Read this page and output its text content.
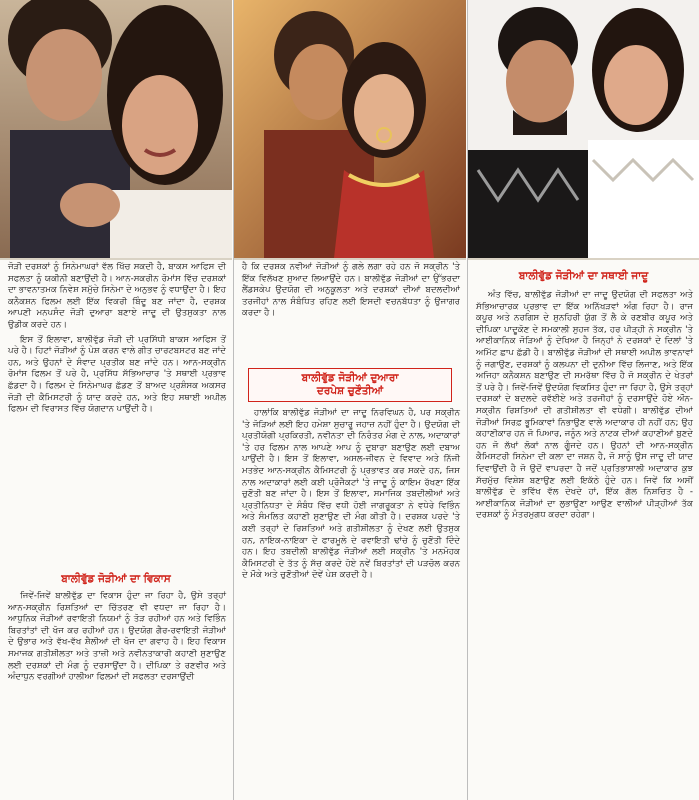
ਜੋੜੀ ਦਰਸ਼ਕਾਂ ਨੂੰ ਸਿਨੇਮਾਘਰਾਂ ਵੱਲ ਖਿੱਚ ਸਕਦੀ ਹੈ, ਬਾਕਸ ਆਫਿਸ ਦੀ ਸਫਲਤਾ ਨੂੰ ਯਕੀਨੀ ਬਣਾਉਂਦੀ ਹੈ। ਆਨ-ਸਕਰੀਨ ਰੋਮਾਂਸ ਵਿੱਚ ਦਰਸ਼ਕਾਂ ਦਾ ਭਾਵਨਾਤਮਕ ਨਿਵੇਸ਼ ਸਮੁੱਚੇ ਸਿਨੇਮਾ ਦੇ ਅਨੁਭਵ ਨੂੰ ਵਧਾਉਂਦਾ ਹੈ। ਇਹ ਕਨੈਕਸ਼ਨ ਫਿਲਮ ਲਈ ਇੱਕ ਵਿਕਰੀ ਬਿੰਦੂ ਬਣ ਜਾਂਦਾ ਹੈ, ਦਰਸ਼ਕ ਆਪਣੀ ਮਨਪਸੰਦ ਜੋੜੀ ਦੁਆਰਾ ਬਣਾਏ ਜਾਦੂ ਦੀ ਉਤਸੁਕਤਾ ਨਾਲ ਉਡੀਕ ਕਰਦੇ ਹਨ।

ਇਸ ਤੋਂ ਇਲਾਵਾ, ਬਾਲੀਵੁੱਡ ਜੋੜੀ ਦੀ ਪ੍ਰਸਿੱਧੀ ਬਾਕਸ ਆਫਿਸ ਤੋਂ ਪਰੇ ਹੈ। ਹਿਟਾਂ ਜੋੜੀਆਂ ਨੂੰ ਪੇਸ਼ ਕਰਨ ਵਾਲੇ ਗੀਤ ਚਾਰਟਬਸਟਰ ਬਣ ਜਾਂਦੇ ਹਨ, ਅਤੇ ਉਹਨਾਂ ਦੇ ਸੰਵਾਦ ਪ੍ਰਤੀਕ ਬਣ ਜਾਂਦੇ ਹਨ। ਆਨ-ਸਕ੍ਰੀਨ ਰੋਮਾਂਸ ਫਿਲਮ ਤੋਂ ਪਰੇ ਹੈ, ਪ੍ਰਸਿੱਧ ਸੱਭਿਆਚਾਰ 'ਤੇ ਸਥਾਈ ਪ੍ਰਭਾਵ ਛੱਡਦਾ ਹੈ। ਫਿਲਮ ਦੇ ਸਿਨੇਮਾਘਰ ਛੱਡਣ ਤੋਂ ਬਾਅਦ ਪ੍ਰਸ਼ੰਸਕ ਅਕਸਰ ਜੋੜੀ ਦੀ ਕੈਮਿਸਟਰੀ ਨੂੰ ਯਾਦ ਕਰਦੇ ਹਨ, ਅਤੇ ਇਹ ਸਥਾਈ ਅਪੀਲ ਫਿਲਮ ਦੀ ਵਿਰਾਸਤ ਵਿੱਚ ਯੋਗਦਾਨ ਪਾਉਂਦੀ ਹੈ।

ਬਾਲੀਵੁੱਡ ਜੋੜੀਆਂ ਦਾ ਵਿਕਾਸ

ਜਿਵੇਂ-ਜਿਵੇਂ ਬਾਲੀਵੁੱਡ ਦਾ ਵਿਕਾਸ ਹੁੰਦਾ ਜਾ ਰਿਹਾ ਹੈ, ਉਸੇ ਤਰ੍ਹਾਂ ਆਨ-ਸਕ੍ਰੀਨ ਰਿਸ਼ਤਿਆਂ ਦਾ ਚਿੱਤਰਣ ਵੀ ਵਧਦਾ ਜਾ ਰਿਹਾ ਹੈ। ਆਧੁਨਿਕ ਜੋੜੀਆਂ ਰਵਾਇਤੀ ਨਿਯਮਾਂ ਨੂੰ ਤੋੜ ਰਹੀਆਂ ਹਨ ਅਤੇ ਵਿਭਿੰਨ ਬਿਰਤਾਂਤਾਂ ਦੀ ਖੋਜ ਕਰ ਰਹੀਆਂ ਹਨ। ਉਦਯੋਗ ਗੈਰ-ਰਵਾਇਤੀ ਜੋੜੀਆਂ ਦੇ ਉਭਾਰ ਅਤੇ ਵੱਖ-ਵੱਖ ਸ਼ੈਲੀਆਂ ਦੀ ਖੋਜ ਦਾ ਗਵਾਹ ਹੈ। ਇਹ ਵਿਕਾਸ ਸਮਾਜਕ ਗਤੀਸ਼ੀਲਤਾ ਅਤੇ ਤਾਜ਼ੀ ਅਤੇ ਨਵੀਨਤਾਕਾਰੀ ਕਹਾਣੀ ਸੁਣਾਉਣ ਲਈ ਦਰਸ਼ਕਾਂ ਦੀ ਮੰਗ ਨੂੰ ਦਰਸਾਉਂਦਾ ਹੈ। ਦੀਪਿਕਾ ਤੇ ਰਣਵੀਰ ਅਤੇ ਅੰਦਾਧੁਨ ਵਰਗੀਆਂ ਹਾਲੀਆ ਫਿਲਮਾਂ ਦੀ ਸਫਲਤਾ ਦਰਸਾਉਂਦੀ

ਹੈ ਕਿ ਦਰਸ਼ਕ ਨਵੀਆਂ ਜੋੜੀਆਂ ਨੂੰ ਗਲੇ ਲਗਾ ਰਹੇ ਹਨ ਜੋ ਸਕ੍ਰੀਨ 'ਤੇ ਇੱਕ ਵਿਲੱਖਣ ਸੁਆਦ ਲਿਆਉਂਦੇ ਹਨ। ਬਾਲੀਵੁੱਡ ਜੋੜੀਆਂ ਦਾ ਉੱਭਰਦਾ ਲੈਂਡਸਕੇਪ ਉਦਯੋਗ ਦੀ ਅਨੁਕੂਲਤਾ ਅਤੇ ਦਰਸ਼ਕਾਂ ਦੀਆਂ ਬਦਲਦੀਆਂ ਤਰਜੀਹਾਂ ਨਾਲ ਸੰਬੰਧਿਤ ਰਹਿਣ ਲਈ ਇਸਦੀ ਵਚਨਬੱਧਤਾ ਨੂੰ ਉਜਾਗਰ ਕਰਦਾ ਹੈ।

ਬਾਲੀਵੁੱਡ ਜੋੜੀਆਂ ਦੁਆਰਾ
ਦਰਪੇਸ਼ ਚੁਣੌਤੀਆਂ

ਹਾਲਾਂਕਿ ਬਾਲੀਵੁੱਡ ਜੋੜੀਆਂ ਦਾ ਜਾਦੂ ਨਿਰਵਿਘਨ ਹੈ, ਪਰ ਸਕ੍ਰੀਨ 'ਤੇ ਜੋੜਿਆਂ ਲਈ ਇਹ ਹਮੇਸ਼ਾ ਸੁਚਾਰੂ ਜਹਾਜ਼ ਨਹੀਂ ਹੁੰਦਾ ਹੈ। ਉਦਯੋਗ ਦੀ ਪ੍ਰਤੀਯੋਗੀ ਪ੍ਰਕਿਰਤੀ, ਨਵੀਨਤਾ ਦੀ ਨਿਰੰਤਰ ਮੰਗ ਦੇ ਨਾਲ, ਅਦਾਕਾਰਾਂ 'ਤੇ ਹਰ ਫਿਲਮ ਨਾਲ ਆਪਣੇ ਆਪ ਨੂੰ ਦੁਬਾਰਾ ਬਣਾਉਣ ਲਈ ਦਬਾਅ ਪਾਉਂਦੀ ਹੈ। ਇਸ ਤੋਂ ਇਲਾਵਾ, ਅਸਲ-ਜੀਵਨ ਦੇ ਵਿਵਾਦ ਅਤੇ ਨਿੱਜੀ ਮਤਭੇਦ ਆਨ-ਸਕ੍ਰੀਨ ਕੈਮਿਸਟਰੀ ਨੂੰ ਪ੍ਰਭਾਵਤ ਕਰ ਸਕਦੇ ਹਨ, ਜਿਸ ਨਾਲ ਅਦਾਕਾਰਾਂ ਲਈ ਕਈ ਪ੍ਰੋਜੈਕਟਾਂ 'ਤੇ ਜਾਦੂ ਨੂੰ ਕਾਇਮ ਰੱਖਣਾ ਇੱਕ ਚੁਣੌਤੀ ਬਣ ਜਾਂਦਾ ਹੈ। ਇਸ ਤੋਂ ਇਲਾਵਾ, ਸਮਾਜਿਕ ਤਬਦੀਲੀਆਂ ਅਤੇ ਪ੍ਰਤੀਨਿਧਤਾ ਦੇ ਸੰਬੰਧ ਵਿੱਚ ਵਧੀ ਹੋਈ ਜਾਗਰੂਕਤਾ ਨੇ ਵਧੇਰੇ ਵਿਭਿੰਨ ਅਤੇ ਸੰਮਲਿਤ ਕਹਾਣੀ ਸੁਣਾਉਣ ਦੀ ਮੰਗ ਕੀਤੀ ਹੈ। ਦਰਸ਼ਕ ਪਰਦੇ 'ਤੇ ਕਈ ਤਰ੍ਹਾਂ ਦੇ ਰਿਸ਼ਤਿਆਂ ਅਤੇ ਗਤੀਸ਼ੀਲਤਾ ਨੂੰ ਦੇਖਣ ਲਈ ਉਤਸੁਕ ਹਨ, ਨਾਇਕ-ਨਾਇਕਾ ਦੇ ਫਾਰਮੂਲੇ ਦੇ ਰਵਾਇਤੀ ਢਾਂਚੇ ਨੂੰ ਚੁਣੌਤੀ ਦਿੰਦੇ ਹਨ। ਇਹ ਤਬਦੀਲੀ ਬਾਲੀਵੁੱਡ ਜੋੜੀਆਂ ਲਈ ਸਕ੍ਰੀਨ 'ਤੇ ਮਨਮੋਹਕ ਕੈਮਿਸਟਰੀ ਦੇ ਤੱਤ ਨੂੰ ਸੱਚ ਕਰਦੇ ਹੋਏ ਨਵੇਂ ਬਿਰਤਾਂਤਾਂ ਦੀ ਪੜਚੋਲ ਕਰਨ ਦੇ ਮੌਕੇ ਅਤੇ ਚੁਣੌਤੀਆਂ ਦੋਵੇਂ ਪੇਸ਼ ਕਰਦੀ ਹੈ।

ਬਾਲੀਵੁੱਡ ਜੋੜੀਆਂ ਦਾ ਸਥਾਈ ਜਾਦੂ

ਅੰਤ ਵਿੱਚ, ਬਾਲੀਵੁੱਡ ਜੋੜੀਆਂ ਦਾ ਜਾਦੂ ਉਦਯੋਗ ਦੀ ਸਫਲਤਾ ਅਤੇ ਸੱਭਿਆਚਾਰਕ ਪ੍ਰਭਾਵ ਦਾ ਇੱਕ ਅਨਿੱਖੜਵਾਂ ਅੰਗ ਰਿਹਾ ਹੈ। ਰਾਜ ਕਪੂਰ ਅਤੇ ਨਰਗਿਸ ਦੇ ਸੁਨਹਿਰੀ ਯੁੱਗ ਤੋਂ ਲੈ ਕੇ ਰਣਬੀਰ ਕਪੂਰ ਅਤੇ ਦੀਪਿਕਾ ਪਾਦੂਕੋਣ ਦੇ ਸਮਕਾਲੀ ਸੁਹਜ ਤੱਕ, ਹਰ ਪੀੜ੍ਹੀ ਨੇ ਸਕ੍ਰੀਨ 'ਤੇ ਆਈਕਾਨਿਕ ਜੋੜਿਆਂ ਨੂੰ ਦੇਖਿਆ ਹੈ ਜਿਨ੍ਹਾਂ ਨੇ ਦਰਸ਼ਕਾਂ ਦੇ ਦਿਲਾਂ 'ਤੇ ਅਮਿੱਟ ਛਾਪ ਛੱਡੀ ਹੈ। ਬਾਲੀਵੁੱਡ ਜੋੜੀਆਂ ਦੀ ਸਥਾਈ ਅਪੀਲ ਭਾਵਨਾਵਾਂ ਨੂੰ ਜਗਾਉਣ, ਦਰਸ਼ਕਾਂ ਨੂੰ ਕਲਪਨਾ ਦੀ ਦੁਨੀਆ ਵਿੱਚ ਲਿਜਾਣ, ਅਤੇ ਇੱਕ ਅਜਿਹਾ ਕਨੈਕਸ਼ਨ ਬਣਾਉਣ ਦੀ ਸਮਰੱਥਾ ਵਿੱਚ ਹੈ ਜੋ ਸਕ੍ਰੀਨ ਦੇ ਖੇਤਰਾਂ ਤੋਂ ਪਰੇ ਹੈ। ਜਿਵੇਂ-ਜਿਵੇਂ ਉਦਯੋਗ ਵਿਕਸਿਤ ਹੁੰਦਾ ਜਾ ਰਿਹਾ ਹੈ, ਉਸੇ ਤਰ੍ਹਾਂ ਦਰਸ਼ਕਾਂ ਦੇ ਬਦਲਦੇ ਰਵੱਈਏ ਅਤੇ ਤਰਜੀਹਾਂ ਨੂੰ ਦਰਸਾਉਂਦੇ ਹੋਏ ਔਨ-ਸਕ੍ਰੀਨ ਰਿਸ਼ਤਿਆਂ ਦੀ ਗਤੀਸ਼ੀਲਤਾ ਵੀ ਵਧੇਗੀ। ਬਾਲੀਵੁੱਡ ਦੀਆਂ ਜੋੜੀਆਂ ਸਿਰਫ਼ ਭੂਮਿਕਾਵਾਂ ਨਿਭਾਉਣ ਵਾਲੇ ਅਦਾਕਾਰ ਹੀ ਨਹੀਂ ਹਨ; ਉਹ ਕਹਾਣੀਕਾਰ ਹਨ ਜੋ ਪਿਆਰ, ਜਨੂੰਨ ਅਤੇ ਨਾਟਕ ਦੀਆਂ ਕਹਾਣੀਆਂ ਬੁਣਦੇ ਹਨ ਜੋ ਲੱਖਾਂ ਲੋਕਾਂ ਨਾਲ ਗੂੰਜਦੇ ਹਨ। ਉਹਨਾਂ ਦੀ ਆਨ-ਸਕ੍ਰੀਨ ਕੈਮਿਸਟਰੀ ਸਿਨੇਮਾ ਦੀ ਕਲਾ ਦਾ ਜਸ਼ਨ ਹੈ, ਜੋ ਸਾਨੂੰ ਉਸ ਜਾਦੂ ਦੀ ਯਾਦ ਦਿਵਾਉਂਦੀ ਹੈ ਜੋ ਉਦੋਂ ਵਾਪਰਦਾ ਹੈ ਜਦੋਂ ਪ੍ਰਤਿਭਾਸ਼ਾਲੀ ਅਦਾਕਾਰ ਕੁਝ ਸੱਚਮੁੱਚ ਵਿਸ਼ੇਸ਼ ਬਣਾਉਣ ਲਈ ਇਕੱਠੇ ਹੁੰਦੇ ਹਨ। ਜਿਵੇਂ ਕਿ ਅਸੀਂ ਬਾਲੀਵੁੱਡ ਦੇ ਭਵਿੱਖ ਵੱਲ ਦੇਖਦੇ ਹਾਂ, ਇੱਕ ਗੱਲ ਨਿਸ਼ਚਿਤ ਹੈ - ਆਈਕਾਨਿਕ ਜੋੜੀਆਂ ਦਾ ਲੁਭਾਉਣਾ ਆਉਣ ਵਾਲੀਆਂ ਪੀੜ੍ਹੀਆਂ ਤੱਕ ਦਰਸ਼ਕਾਂ ਨੂੰ ਮੰਤਰਮੁਗਧ ਕਰਦਾ ਰਹੇਗਾ।
